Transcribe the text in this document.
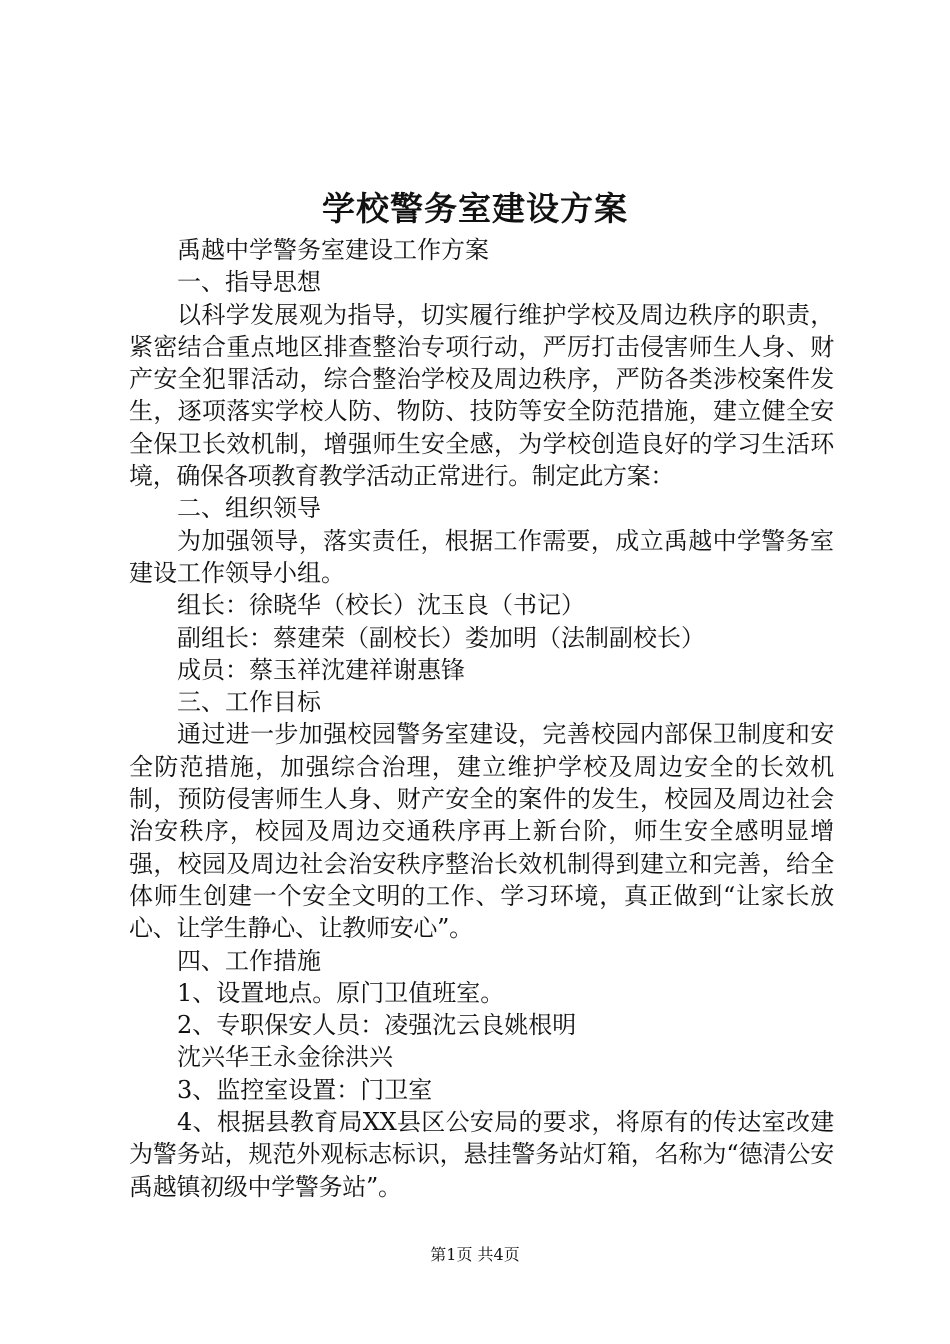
学校警务室建设方案

禹越中学警务室建设工作方案

一、指导思想

以科学发展观为指导，切实履行维护学校及周边秩序的职责，紧密结合重点地区排查整治专项行动，严厉打击侵害师生人身、财产安全犯罪活动，综合整治学校及周边秩序，严防各类涉校案件发生，逐项落实学校人防、物防、技防等安全防范措施，建立健全安全保卫长效机制，增强师生安全感，为学校创造良好的学习生活环境，确保各项教育教学活动正常进行。制定此方案：

二、组织领导

为加强领导，落实责任，根据工作需要，成立禹越中学警务室建设工作领导小组。

组长：徐晓华（校长）沈玉良（书记）

副组长：蔡建荣（副校长）娄加明（法制副校长）

成员：蔡玉祥沈建祥谢惠锋

三、工作目标

通过进一步加强校园警务室建设，完善校园内部保卫制度和安全防范措施，加强综合治理，建立维护学校及周边安全的长效机制，预防侵害师生人身、财产安全的案件的发生，校园及周边社会治安秩序，校园及周边交通秩序再上新台阶，师生安全感明显增强，校园及周边社会治安秩序整治长效机制得到建立和完善，给全体师生创建一个安全文明的工作、学习环境，真正做到“让家长放心、让学生静心、让教师安心”。

四、工作措施

1、设置地点。原门卫值班室。

2、专职保安人员：凌强沈云良姚根明

沈兴华王永金徐洪兴

3、监控室设置：门卫室

4、根据县教育局XX县区公安局的要求，将原有的传达室改建为警务站，规范外观标志标识，悬挂警务站灯箱，名称为“德清公安禹越镇初级中学警务站”。

第1页 共4页
